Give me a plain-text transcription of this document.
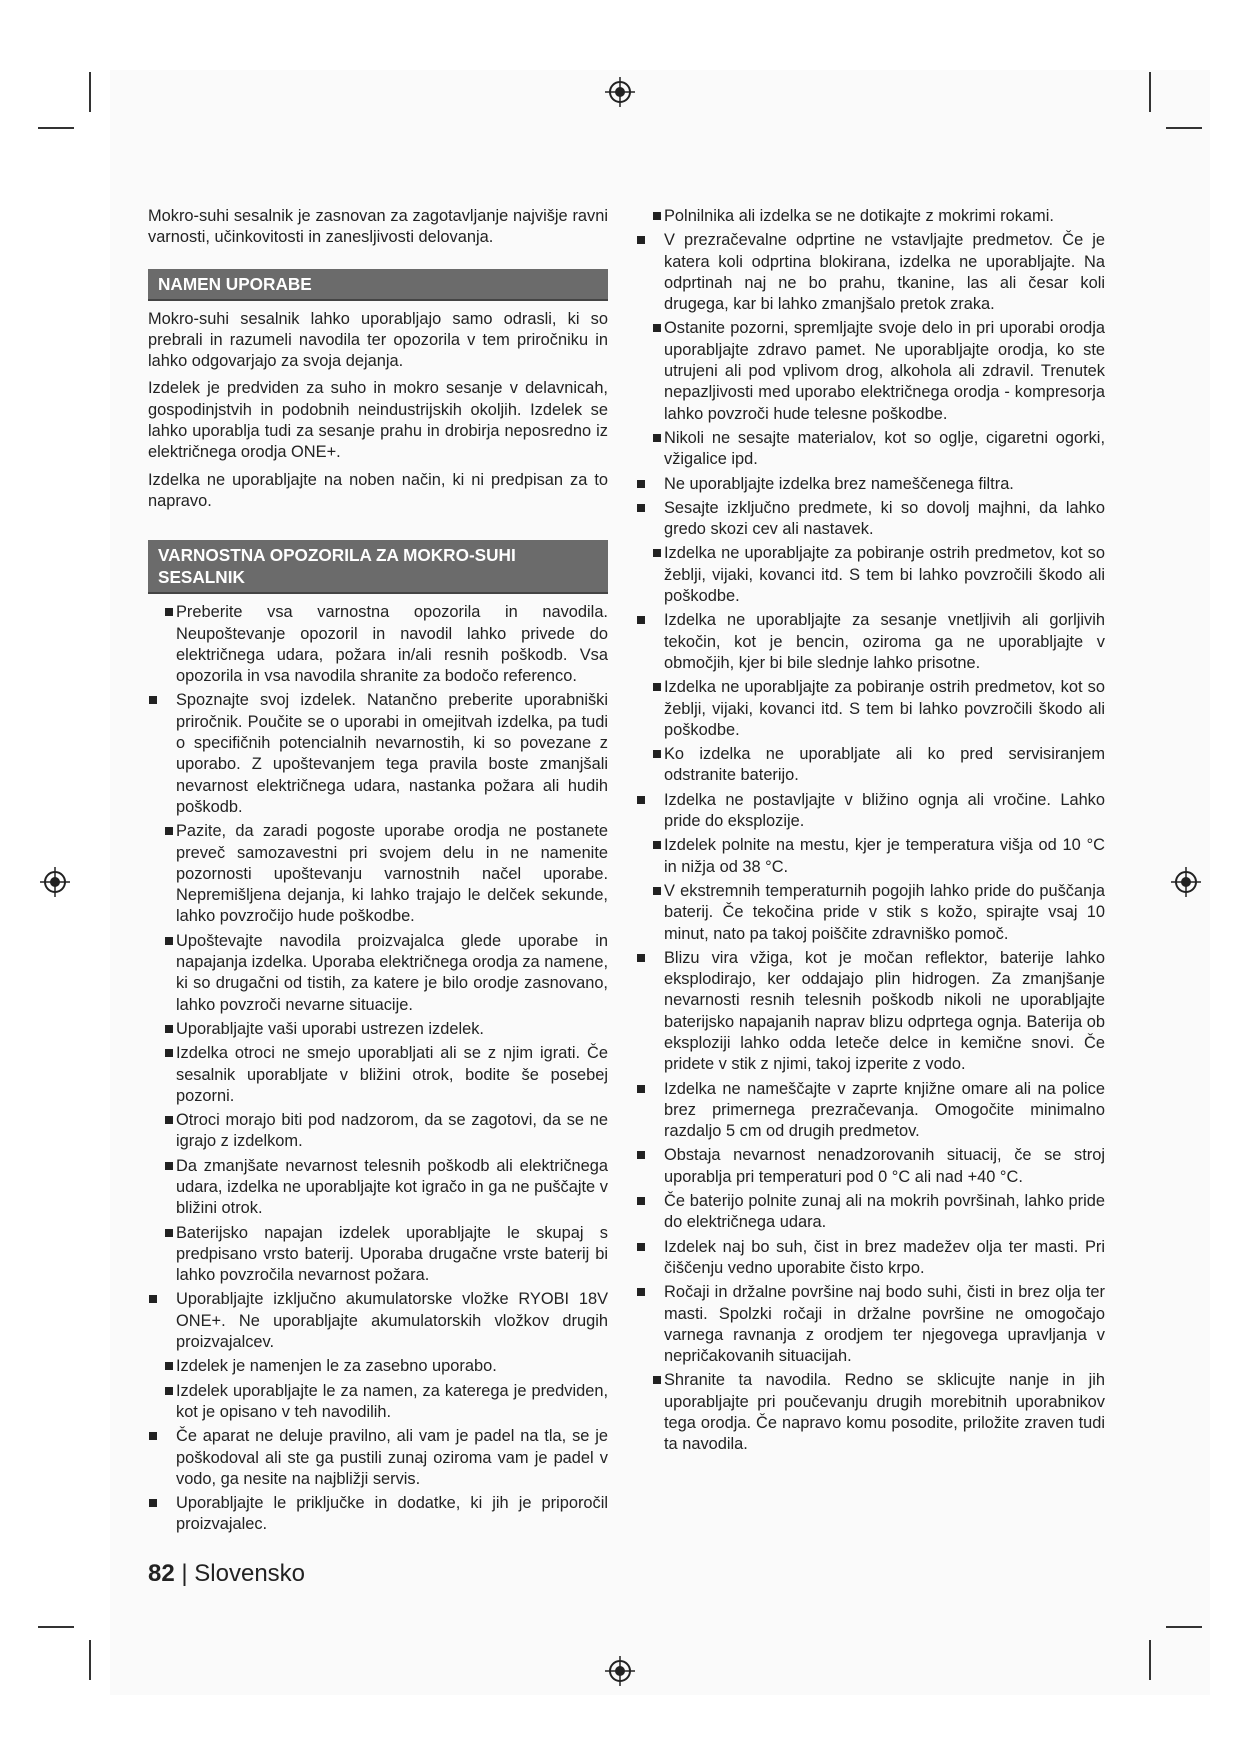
Mokro-suhi sesalnik je zasnovan za zagotavljanje najvišje ravni varnosti, učinkovitosti in zanesljivosti delovanja.

NAMEN UPORABE

Mokro-suhi sesalnik lahko uporabljajo samo odrasli, ki so prebrali in razumeli navodila ter opozorila v tem priročniku in lahko odgovarjajo za svoja dejanja.

Izdelek je predviden za suho in mokro sesanje v delavnicah, gospodinjstvih in podobnih neindustrijskih okoljih. Izdelek se lahko uporablja tudi za sesanje prahu in drobirja neposredno iz električnega orodja ONE+.

Izdelka ne uporabljajte na noben način, ki ni predpisan za to napravo.

VARNOSTNA OPOZORILA ZA MOKRO-SUHI
SESALNIK
Preberite vsa varnostna opozorila in navodila. Neupoštevanje opozoril in navodil lahko privede do električnega udara, požara in/ali resnih poškodb. Vsa opozorila in vsa navodila shranite za bodočo referenco.
Spoznajte svoj izdelek. Natančno preberite uporabniški priročnik. Poučite se o uporabi in omejitvah izdelka, pa tudi o specifičnih potencialnih nevarnostih, ki so povezane z uporabo. Z upoštevanjem tega pravila boste zmanjšali nevarnost električnega udara, nastanka požara ali hudih poškodb.
Pazite, da zaradi pogoste uporabe orodja ne postanete preveč samozavestni pri svojem delu in ne namenite pozornosti upoštevanju varnostnih načel uporabe. Nepremišljena dejanja, ki lahko trajajo le delček sekunde, lahko povzročijo hude poškodbe.
Upoštevajte navodila proizvajalca glede uporabe in napajanja izdelka. Uporaba električnega orodja za namene, ki so drugačni od tistih, za katere je bilo orodje zasnovano, lahko povzroči nevarne situacije.
Uporabljajte vaši uporabi ustrezen izdelek.
Izdelka otroci ne smejo uporabljati ali se z njim igrati. Če sesalnik uporabljate v bližini otrok, bodite še posebej pozorni.
Otroci morajo biti pod nadzorom, da se zagotovi, da se ne igrajo z izdelkom.
Da zmanjšate nevarnost telesnih poškodb ali električnega udara, izdelka ne uporabljajte kot igračo in ga ne puščajte v bližini otrok.
Baterijsko napajan izdelek uporabljajte le skupaj s predpisano vrsto baterij. Uporaba drugačne vrste baterij bi lahko povzročila nevarnost požara.
Uporabljajte izključno akumulatorske vložke RYOBI 18V ONE+. Ne uporabljajte akumulatorskih vložkov drugih proizvajalcev.
Izdelek je namenjen le za zasebno uporabo.
Izdelek uporabljajte le za namen, za katerega je predviden, kot je opisano v teh navodilih.
Če aparat ne deluje pravilno, ali vam je padel na tla, se je poškodoval ali ste ga pustili zunaj oziroma vam je padel v vodo, ga nesite na najbližji servis.
Uporabljajte le priključke in dodatke, ki jih je priporočil proizvajalec.
Polnilnika ali izdelka se ne dotikajte z mokrimi rokami.
V prezračevalne odprtine ne vstavljajte predmetov. Če je katera koli odprtina blokirana, izdelka ne uporabljajte. Na odprtinah naj ne bo prahu, tkanine, las ali česar koli drugega, kar bi lahko zmanjšalo pretok zraka.
Ostanite pozorni, spremljajte svoje delo in pri uporabi orodja uporabljajte zdravo pamet. Ne uporabljajte orodja, ko ste utrujeni ali pod vplivom drog, alkohola ali zdravil. Trenutek nepazljivosti med uporabo električnega orodja - kompresorja lahko povzroči hude telesne poškodbe.
Nikoli ne sesajte materialov, kot so oglje, cigaretni ogorki, vžigalice ipd.
Ne uporabljajte izdelka brez nameščenega filtra.
Sesajte izključno predmete, ki so dovolj majhni, da lahko gredo skozi cev ali nastavek.
Izdelka ne uporabljajte za pobiranje ostrih predmetov, kot so žeblji, vijaki, kovanci itd. S tem bi lahko povzročili škodo ali poškodbe.
Izdelka ne uporabljajte za sesanje vnetljivih ali gorljivih tekočin, kot je bencin, oziroma ga ne uporabljajte v območjih, kjer bi bile slednje lahko prisotne.
Izdelka ne uporabljajte za pobiranje ostrih predmetov, kot so žeblji, vijaki, kovanci itd. S tem bi lahko povzročili škodo ali poškodbe.
Ko izdelka ne uporabljate ali ko pred servisiranjem odstranite baterijo.
Izdelka ne postavljajte v bližino ognja ali vročine. Lahko pride do eksplozije.
Izdelek polnite na mestu, kjer je temperatura višja od 10 °C in nižja od 38 °C.
V ekstremnih temperaturnih pogojih lahko pride do puščanja baterij. Če tekočina pride v stik s kožo, spirajte vsaj 10 minut, nato pa takoj poiščite zdravniško pomoč.
Blizu vira vžiga, kot je močan reflektor, baterije lahko eksplodirajo, ker oddajajo plin hidrogen. Za zmanjšanje nevarnosti resnih telesnih poškodb nikoli ne uporabljajte baterijsko napajanih naprav blizu odprtega ognja. Baterija ob eksploziji lahko odda leteče delce in kemične snovi. Če pridete v stik z njimi, takoj izperite z vodo.
Izdelka ne nameščajte v zaprte knjižne omare ali na police brez primernega prezračevanja. Omogočite minimalno razdaljo 5 cm od drugih predmetov.
Obstaja nevarnost nenadzorovanih situacij, če se stroj uporablja pri temperaturi pod 0 °C ali nad +40 °C.
Če baterijo polnite zunaj ali na mokrih površinah, lahko pride do električnega udara.
Izdelek naj bo suh, čist in brez madežev olja ter masti. Pri čiščenju vedno uporabite čisto krpo.
Ročaji in držalne površine naj bodo suhi, čisti in brez olja ter masti. Spolzki ročaji in držalne površine ne omogočajo varnega ravnanja z orodjem ter njegovega upravljanja v nepričakovanih situacijah.
Shranite ta navodila. Redno se sklicujte nanje in jih uporabljajte pri poučevanju drugih morebitnih uporabnikov tega orodja. Če napravo komu posodite, priložite zraven tudi ta navodila.
82 | Slovensko
